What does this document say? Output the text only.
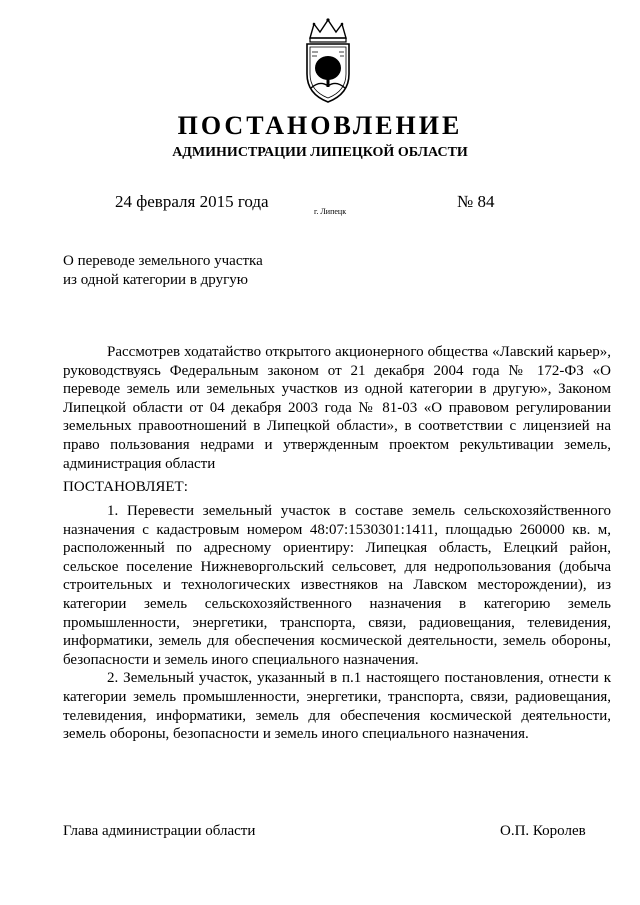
ПОСТАНОВЛЕНИЕ
АДМИНИСТРАЦИИ ЛИПЕЦКОЙ ОБЛАСТИ
24 февраля 2015 года
г. Липецк
№ 84
О переводе земельного участка
из одной категории в другую

Рассмотрев ходатайство открытого акционерного общества «Лавский карьер», руководствуясь Федеральным законом от 21 декабря 2004 года № 172-ФЗ «О переводе земель или земельных участков из одной категории в другую», Законом Липецкой области от 04 декабря 2003 года № 81-03 «О правовом регулировании земельных правоотношений в Липецкой области», в соответствии с лицензией на право пользования недрами и утвержденным проектом рекультивации земель, администрация области

ПОСТАНОВЛЯЕТ:

1. Перевести земельный участок в составе земель сельскохозяйственного назначения с кадастровым номером 48:07:1530301:1411, площадью 260000 кв. м, расположенный по адресному ориентиру: Липецкая область, Елецкий район, сельское поселение Нижневоргольский сельсовет, для недропользования (добыча строительных и технологических известняков на Лавском месторождении), из категории земель сельскохозяйственного назначения в категорию земель промышленности, энергетики, транспорта, связи, радиовещания, телевидения, информатики, земель для обеспечения космической деятельности, земель обороны, безопасности и земель иного специального назначения.

2. Земельный участок, указанный в п.1 настоящего постановления, отнести к категории земель промышленности, энергетики, транспорта, связи, радиовещания, телевидения, информатики, земель для обеспечения космической деятельности, земель обороны, безопасности и земель иного специального назначения.

Глава администрации области	О.П. Королев
